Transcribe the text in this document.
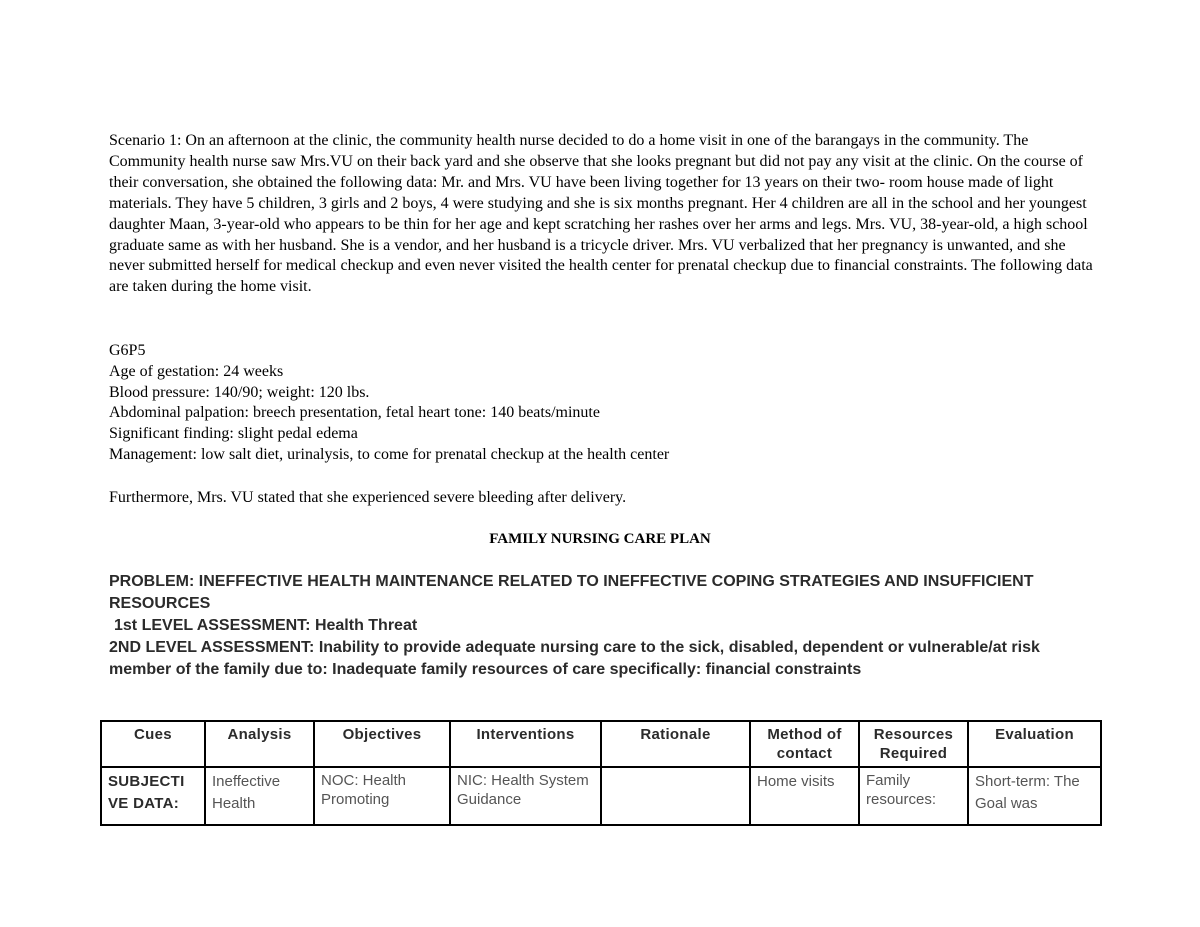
Scenario 1: On an afternoon at the clinic, the community health nurse decided to do a home visit in one of the barangays in the community. The Community health nurse saw Mrs.VU on their back yard and she observe that she looks pregnant but did not pay any visit at the clinic. On the course of their conversation, she obtained the following data: Mr. and Mrs. VU have been living together for 13 years on their two- room house made of light materials. They have 5 children, 3 girls and 2 boys, 4 were studying and she is six months pregnant. Her 4 children are all in the school and her youngest daughter Maan, 3-year-old who appears to be thin for her age and kept scratching her rashes over her arms and legs. Mrs. VU, 38-year-old, a high school graduate same as with her husband. She is a vendor, and her husband is a tricycle driver. Mrs. VU verbalized that her pregnancy is unwanted, and she never submitted herself for medical checkup and even never visited the health center for prenatal checkup due to financial constraints. The following data are taken during the home visit.

G6P5
Age of gestation: 24 weeks
Blood pressure: 140/90; weight: 120 lbs.
Abdominal palpation: breech presentation, fetal heart tone: 140 beats/minute
Significant finding: slight pedal edema
Management: low salt diet, urinalysis, to come for prenatal checkup at the health center

Furthermore, Mrs. VU stated that she experienced severe bleeding after delivery.

FAMILY NURSING CARE PLAN

PROBLEM: INEFFECTIVE HEALTH MAINTENANCE RELATED TO INEFFECTIVE COPING STRATEGIES AND INSUFFICIENT RESOURCES
1st LEVEL ASSESSMENT: Health Threat
2ND LEVEL ASSESSMENT: Inability to provide adequate nursing care to the sick, disabled, dependent or vulnerable/at risk member of the family due to: Inadequate family resources of care specifically: financial constraints
Cues	Analysis	Objectives	Interventions	Rationale	Method of contact	Resources Required	Evaluation
SUBJECTI VE DATA:	Ineffective Health	NOC: Health Promoting	NIC: Health System Guidance		Home visits	Family resources:	Short-term: The Goal was
